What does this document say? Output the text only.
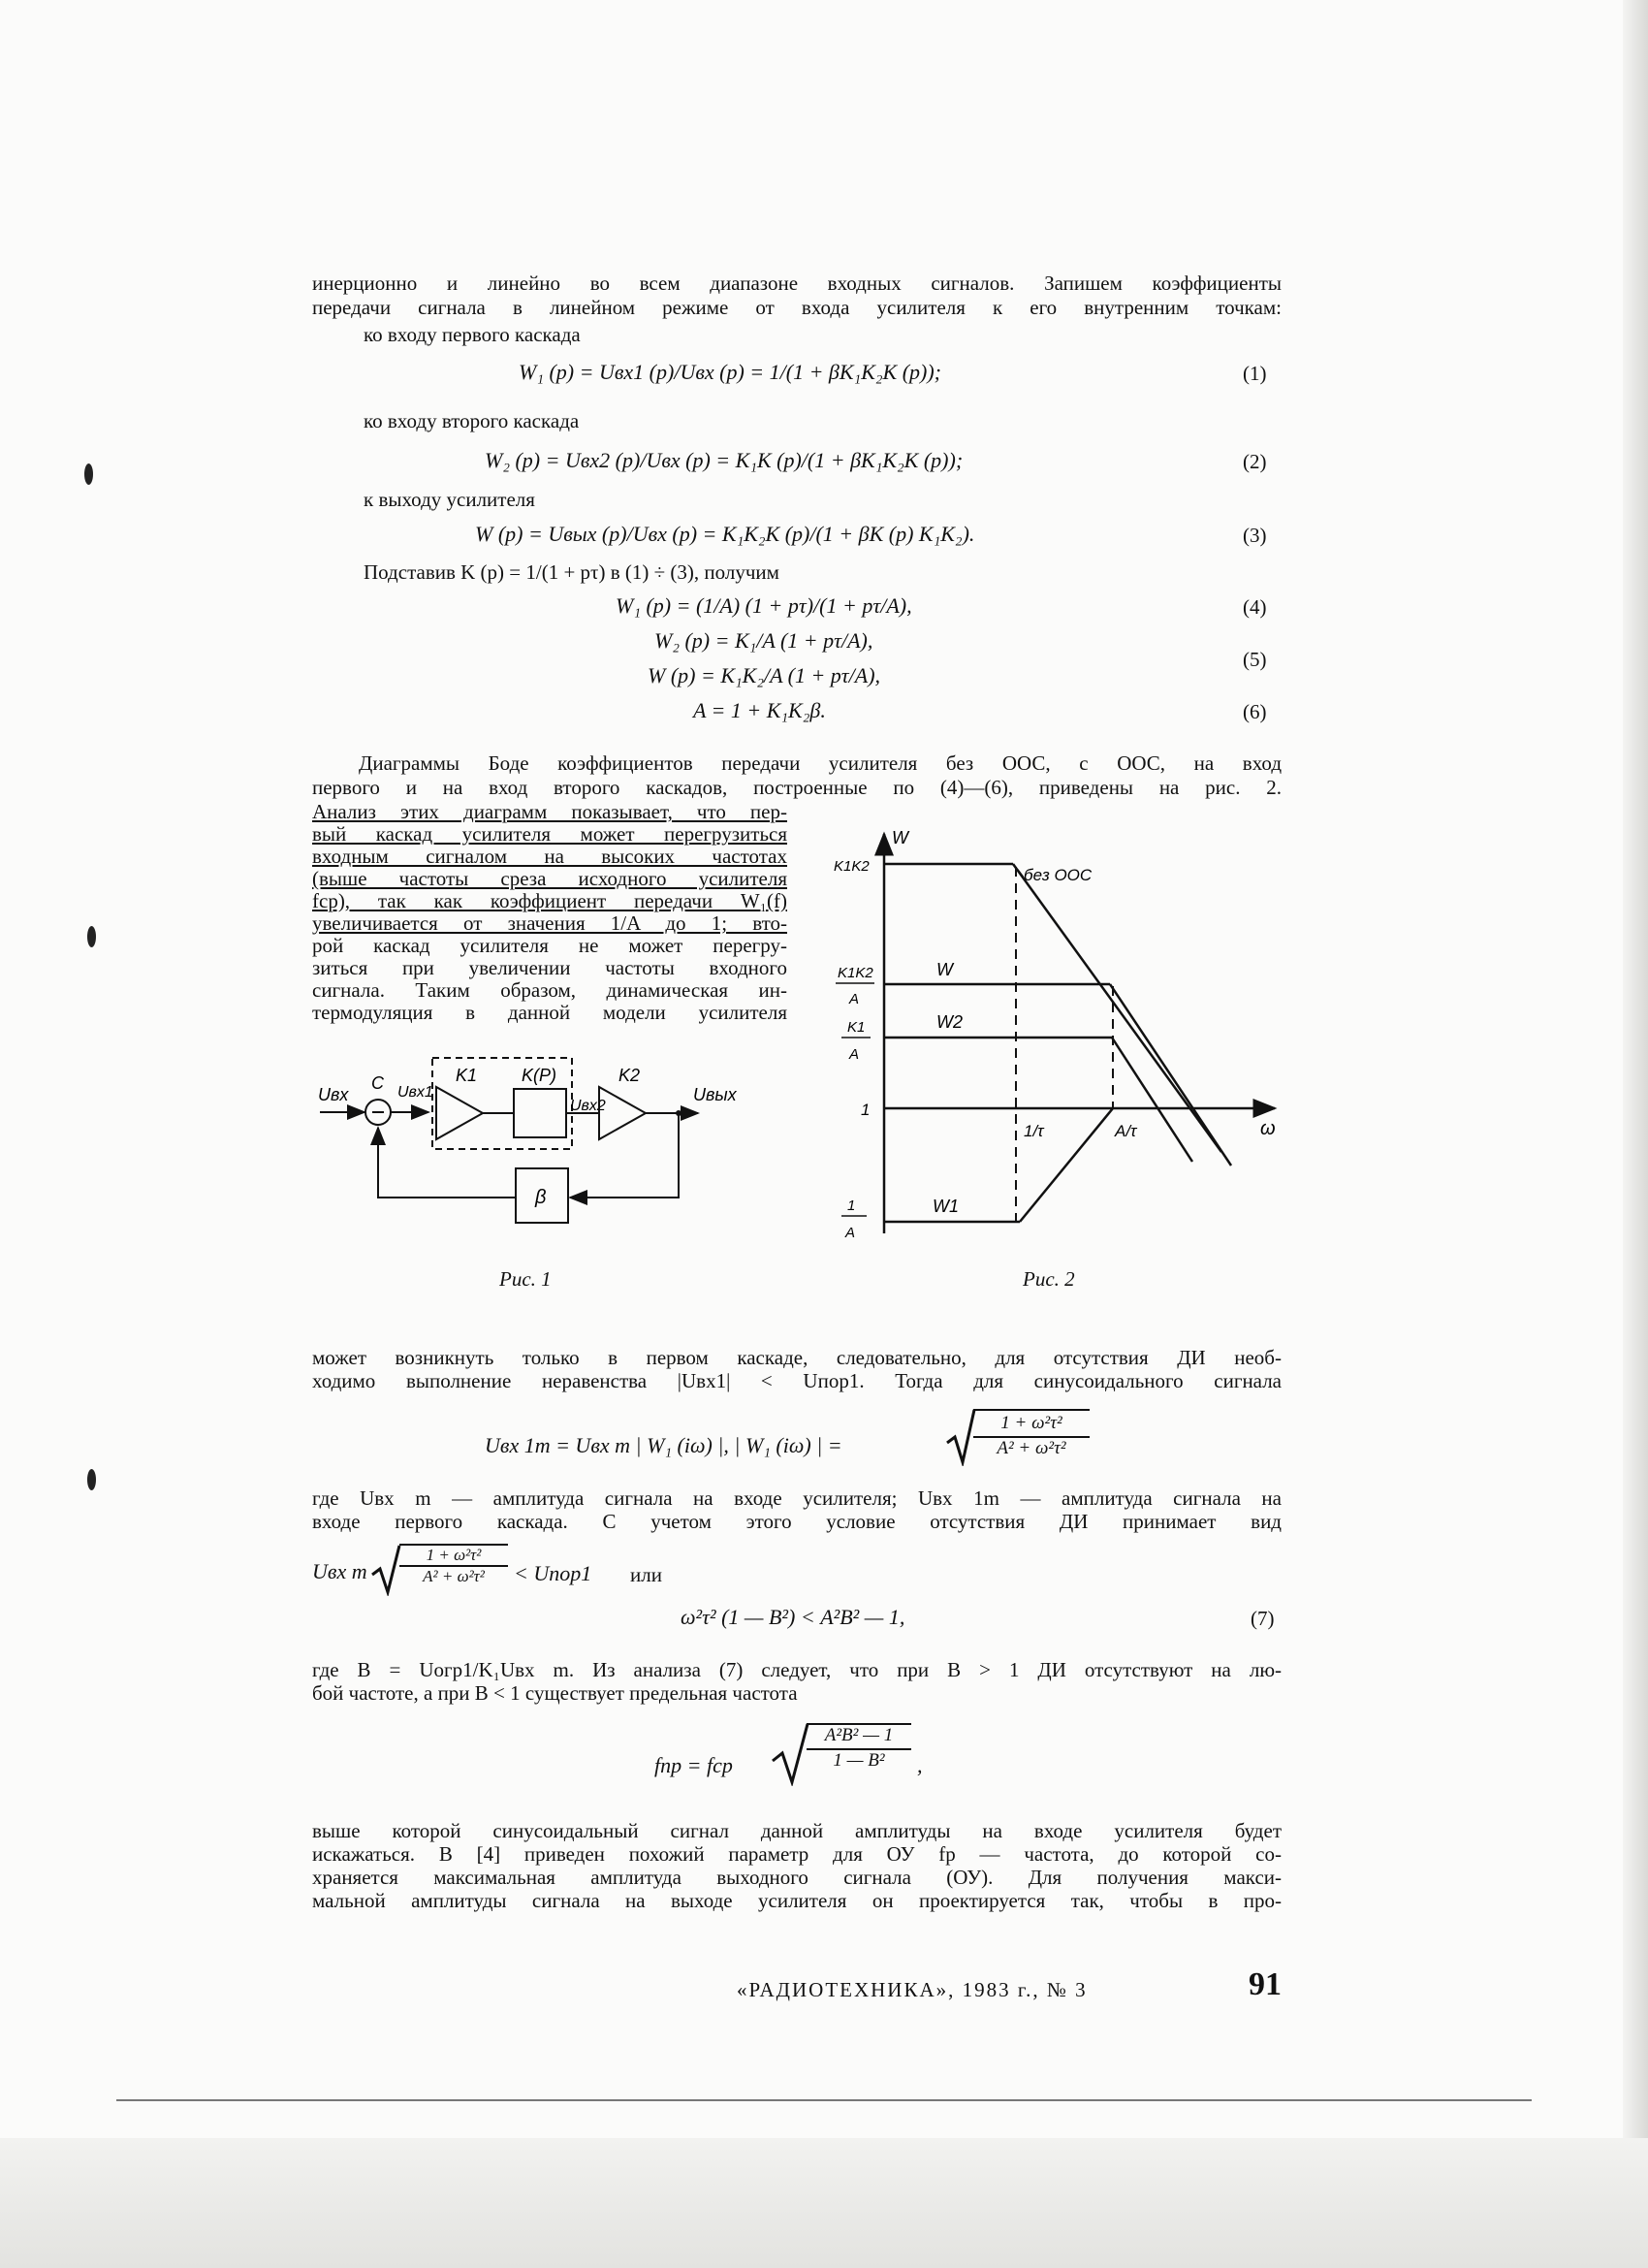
инерционно и линейно во всем диапазоне входных сигналов. Запишем коэффициенты
передачи сигнала в линейном режиме от входа усилителя к его внутренним точкам:
ко входу первого каскада
W₁ (p) = Uвх1 (p)/Uвх (p) = 1/(1 + βK₁K₂K (p));	(1)
ко входу второго каскада
W₂ (p) = Uвх2 (p)/Uвх (p) = K₁K (p)/(1 + βK₁K₂K (p));	(2)
к выходу усилителя
W (p) = Uвых (p)/Uвх (p) = K₁K₂K (p)/(1 + βK (p) K₁K₂).	(3)
Подставив K (p) = 1/(1 + pτ) в (1) ÷ (3), получим
W₁ (p) = (1/A) (1 + pτ)/(1 + pτ/A),	(4)
W₂ (p) = K₁/A (1 + pτ/A),
W (p) = K₁K₂/A (1 + pτ/A),
(5)
A = 1 + K₁K₂β.	(6)
Диаграммы Боде коэффициентов передачи усилителя без ООС, с ООС, на вход
первого и на вход второго каскадов, построенные по (4)—(6), приведены на рис. 2.
Анализ этих диаграмм показывает, что пер-
вый каскад усилителя может перегрузиться
входным сигналом на высоких частотах
(выше частоты среза исходного усилителя
fср), так как коэффициент передачи W₁(f)
увеличивается от значения 1/A до 1; вто-
рой каскад усилителя не может перегру-
зиться при увеличении частоты входного
сигнала. Таким образом, динамическая ин-
термодуляция в данной модели усилителя
Uвх
C Uвх1
K1	K(P)
Uвх2
K2
Uвых
β
Рис. 1
W
ω
K1K2	без ООС
K1K2
A
W
K1
A
W2
1
1
A
W1
1/τ	A/τ
Рис. 2
может возникнуть только в первом каскаде, следовательно, для отсутствия ДИ необ-
ходимо выполнение неравенства |Uвх1| < Uпор1. Тогда для синусоидального сигнала
Uвх 1m = Uвх m | W₁ (iω) |, | W₁ (iω) | =	$\frac{\text{1 + ω²τ²}}{\text{A² + ω²τ²}}$
где Uвх m — амплитуда сигнала на входе усилителя; Uвх 1m — амплитуда сигнала на
входе первого каскада. С учетом этого условие отсутствия ДИ принимает вид
Uвх m $\frac{\text{1 + ω²τ²}}{\text{A² + ω²τ²}}$ < Uпор1 или
ω²τ² (1 — B²) < A²B² — 1,	(7)
где B = Uогр1/K₁Uвх m. Из анализа (7) следует, что при B > 1 ДИ отсутствуют на лю-
бой частоте, а при B < 1 существует предельная частота
fпр = fср	$\frac{\text{A²B² — 1}}{\text{1 — B²}}$ ,
выше которой синусоидальный сигнал данной амплитуды на входе усилителя будет
искажаться. В [4] приведен похожий параметр для ОУ fр — частота, до которой со-
храняется максимальная амплитуда выходного сигнала (ОУ). Для получения макси-
мальной амплитуды сигнала на выходе усилителя он проектируется так, чтобы в про-
«РАДИОТЕХНИКА», 1983 г., № 3	91
